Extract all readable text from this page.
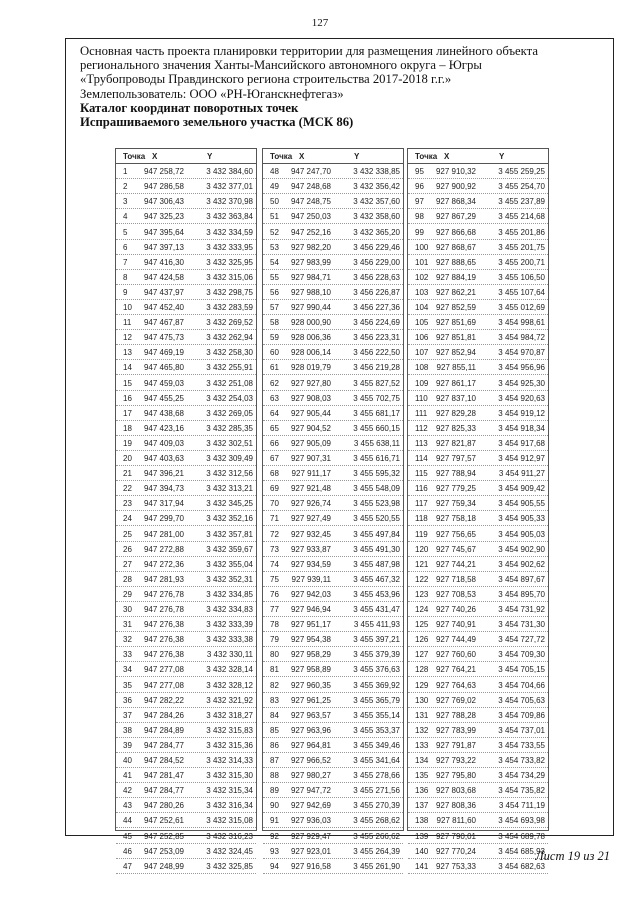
127
Основная часть проекта планировки территории для размещения линейного объекта
регионального значения Ханты-Мансийского автономного округа – Югры
«Трубопроводы Правдинского региона строительства 2017-2018 г.г.»
Землепользователь: ООО «РН-Юганскнефтегаз»
Каталог координат поворотных точек
Испрашиваемого земельного участка (МСК 86)
Точка X	Y
1 947 258,72	3 432 384,60
2 947 286,58	3 432 377,01
3 947 306,43	3 432 370,98
4 947 325,23	3 432 363,84
5 947 395,64	3 432 334,59
6 947 397,13	3 432 333,95
7 947 416,30	3 432 325,95
8 947 424,58	3 432 315,06
9 947 437,97	3 432 298,75
10 947 452,40	3 432 283,59
11 947 467,87	3 432 269,52
12 947 475,73	3 432 262,94
13 947 469,19	3 432 258,30
14 947 465,80	3 432 255,91
15 947 459,03	3 432 251,08
16 947 455,25	3 432 254,03
17 947 438,68	3 432 269,05
18 947 423,16	3 432 285,35
19 947 409,03	3 432 302,51
20 947 403,63	3 432 309,49
21 947 396,21	3 432 312,56
22 947 394,73	3 432 313,21
23 947 317,94	3 432 345,25
24 947 299,70	3 432 352,16
25 947 281,00	3 432 357,81
26 947 272,88	3 432 359,67
27 947 272,36	3 432 355,04
28 947 281,93	3 432 352,31
29 947 276,78	3 432 334,85
30 947 276,78	3 432 334,83
31 947 276,38	3 432 333,39
32 947 276,38	3 432 333,38
33 947 276,38	3 432 330,11
34 947 277,08	3 432 328,14
35 947 277,08	3 432 328,12
36 947 282,22	3 432 321,92
37 947 284,26	3 432 318,27
38 947 284,89	3 432 315,83
39 947 284,77	3 432 315,36
40 947 284,52	3 432 314,33
41 947 281,47	3 432 315,30
42 947 284,77	3 432 315,34
43 947 280,26	3 432 316,34
44 947 252,61	3 432 315,08
45 947 252,85	3 432 316,23
46 947 253,09	3 432 324,45
47 947 248,99	3 432 325,85
Точка X	Y
48 947 247,70	3 432 338,85
49 947 248,68	3 432 356,42
50 947 248,75	3 432 357,60
51 947 250,03	3 432 358,60
52 947 252,16	3 432 365,20
53 927 982,20	3 456 229,46
54 927 983,99	3 456 229,00
55 927 984,71	3 456 228,63
56 927 988,10	3 456 226,87
57 927 990,44	3 456 227,36
58 928 000,90	3 456 224,69
59 928 006,36	3 456 223,31
60 928 006,14	3 456 222,50
61 928 019,79	3 456 219,28
62 927 927,80	3 455 827,52
63 927 908,03	3 455 702,75
64 927 905,44	3 455 681,17
65 927 904,52	3 455 660,15
66 927 905,09	3 455 638,11
67 927 907,31	3 455 616,71
68 927 911,17	3 455 595,32
69 927 921,48	3 455 548,09
70 927 926,74	3 455 523,98
71 927 927,49	3 455 520,55
72 927 932,45	3 455 497,84
73 927 933,87	3 455 491,30
74 927 934,59	3 455 487,98
75 927 939,11	3 455 467,32
76 927 942,03	3 455 453,96
77 927 946,94	3 455 431,47
78 927 951,17	3 455 411,93
79 927 954,38	3 455 397,21
80 927 958,29	3 455 379,39
81 927 958,89	3 455 376,63
82 927 960,35	3 455 369,92
83 927 961,25	3 455 365,79
84 927 963,57	3 455 355,14
85 927 963,96	3 455 353,37
86 927 964,81	3 455 349,46
87 927 966,52	3 455 341,64
88 927 980,27	3 455 278,66
89 927 947,72	3 455 271,56
90 927 942,69	3 455 270,39
91 927 936,03	3 455 268,62
92 927 929,47	3 455 266,62
93 927 923,01	3 455 264,39
94 927 916,58	3 455 261,90
Точка X	Y
95 927 910,32	3 455 259,25
96 927 900,92	3 455 254,70
97 927 868,34	3 455 237,89
98 927 867,29	3 455 214,68
99 927 866,68	3 455 201,86
100 927 868,67	3 455 201,75
101 927 888,65	3 455 200,71
102 927 884,19	3 455 106,50
103 927 862,21	3 455 107,64
104 927 852,59	3 455 012,69
105 927 851,69	3 454 998,61
106 927 851,81	3 454 984,72
107 927 852,94	3 454 970,87
108 927 855,11	3 454 956,96
109 927 861,17	3 454 925,30
110 927 837,10	3 454 920,63
111 927 829,28	3 454 919,12
112 927 825,33	3 454 918,34
113 927 821,87	3 454 917,68
114 927 797,57	3 454 912,97
115 927 788,94	3 454 911,27
116 927 779,25	3 454 909,42
117 927 759,34	3 454 905,55
118 927 758,18	3 454 905,33
119 927 756,65	3 454 905,03
120 927 745,67	3 454 902,90
121 927 744,21	3 454 902,62
122 927 718,58	3 454 897,67
123 927 708,53	3 454 895,70
124 927 740,26	3 454 731,92
125 927 740,91	3 454 731,30
126 927 744,49	3 454 727,72
127 927 760,60	3 454 709,30
128 927 764,21	3 454 705,15
129 927 764,63	3 454 704,66
130 927 769,02	3 454 705,63
131 927 788,28	3 454 709,86
132 927 783,99	3 454 737,01
133 927 791,87	3 454 733,55
134 927 793,22	3 454 733,82
135 927 795,80	3 454 734,29
136 927 803,68	3 454 735,82
137 927 808,36	3 454 711,19
138 927 811,60	3 454 693,98
139 927 790,01	3 454 689,78
140 927 770,24	3 454 685,93
141 927 753,33	3 454 682,63
Лист 19 из 21
